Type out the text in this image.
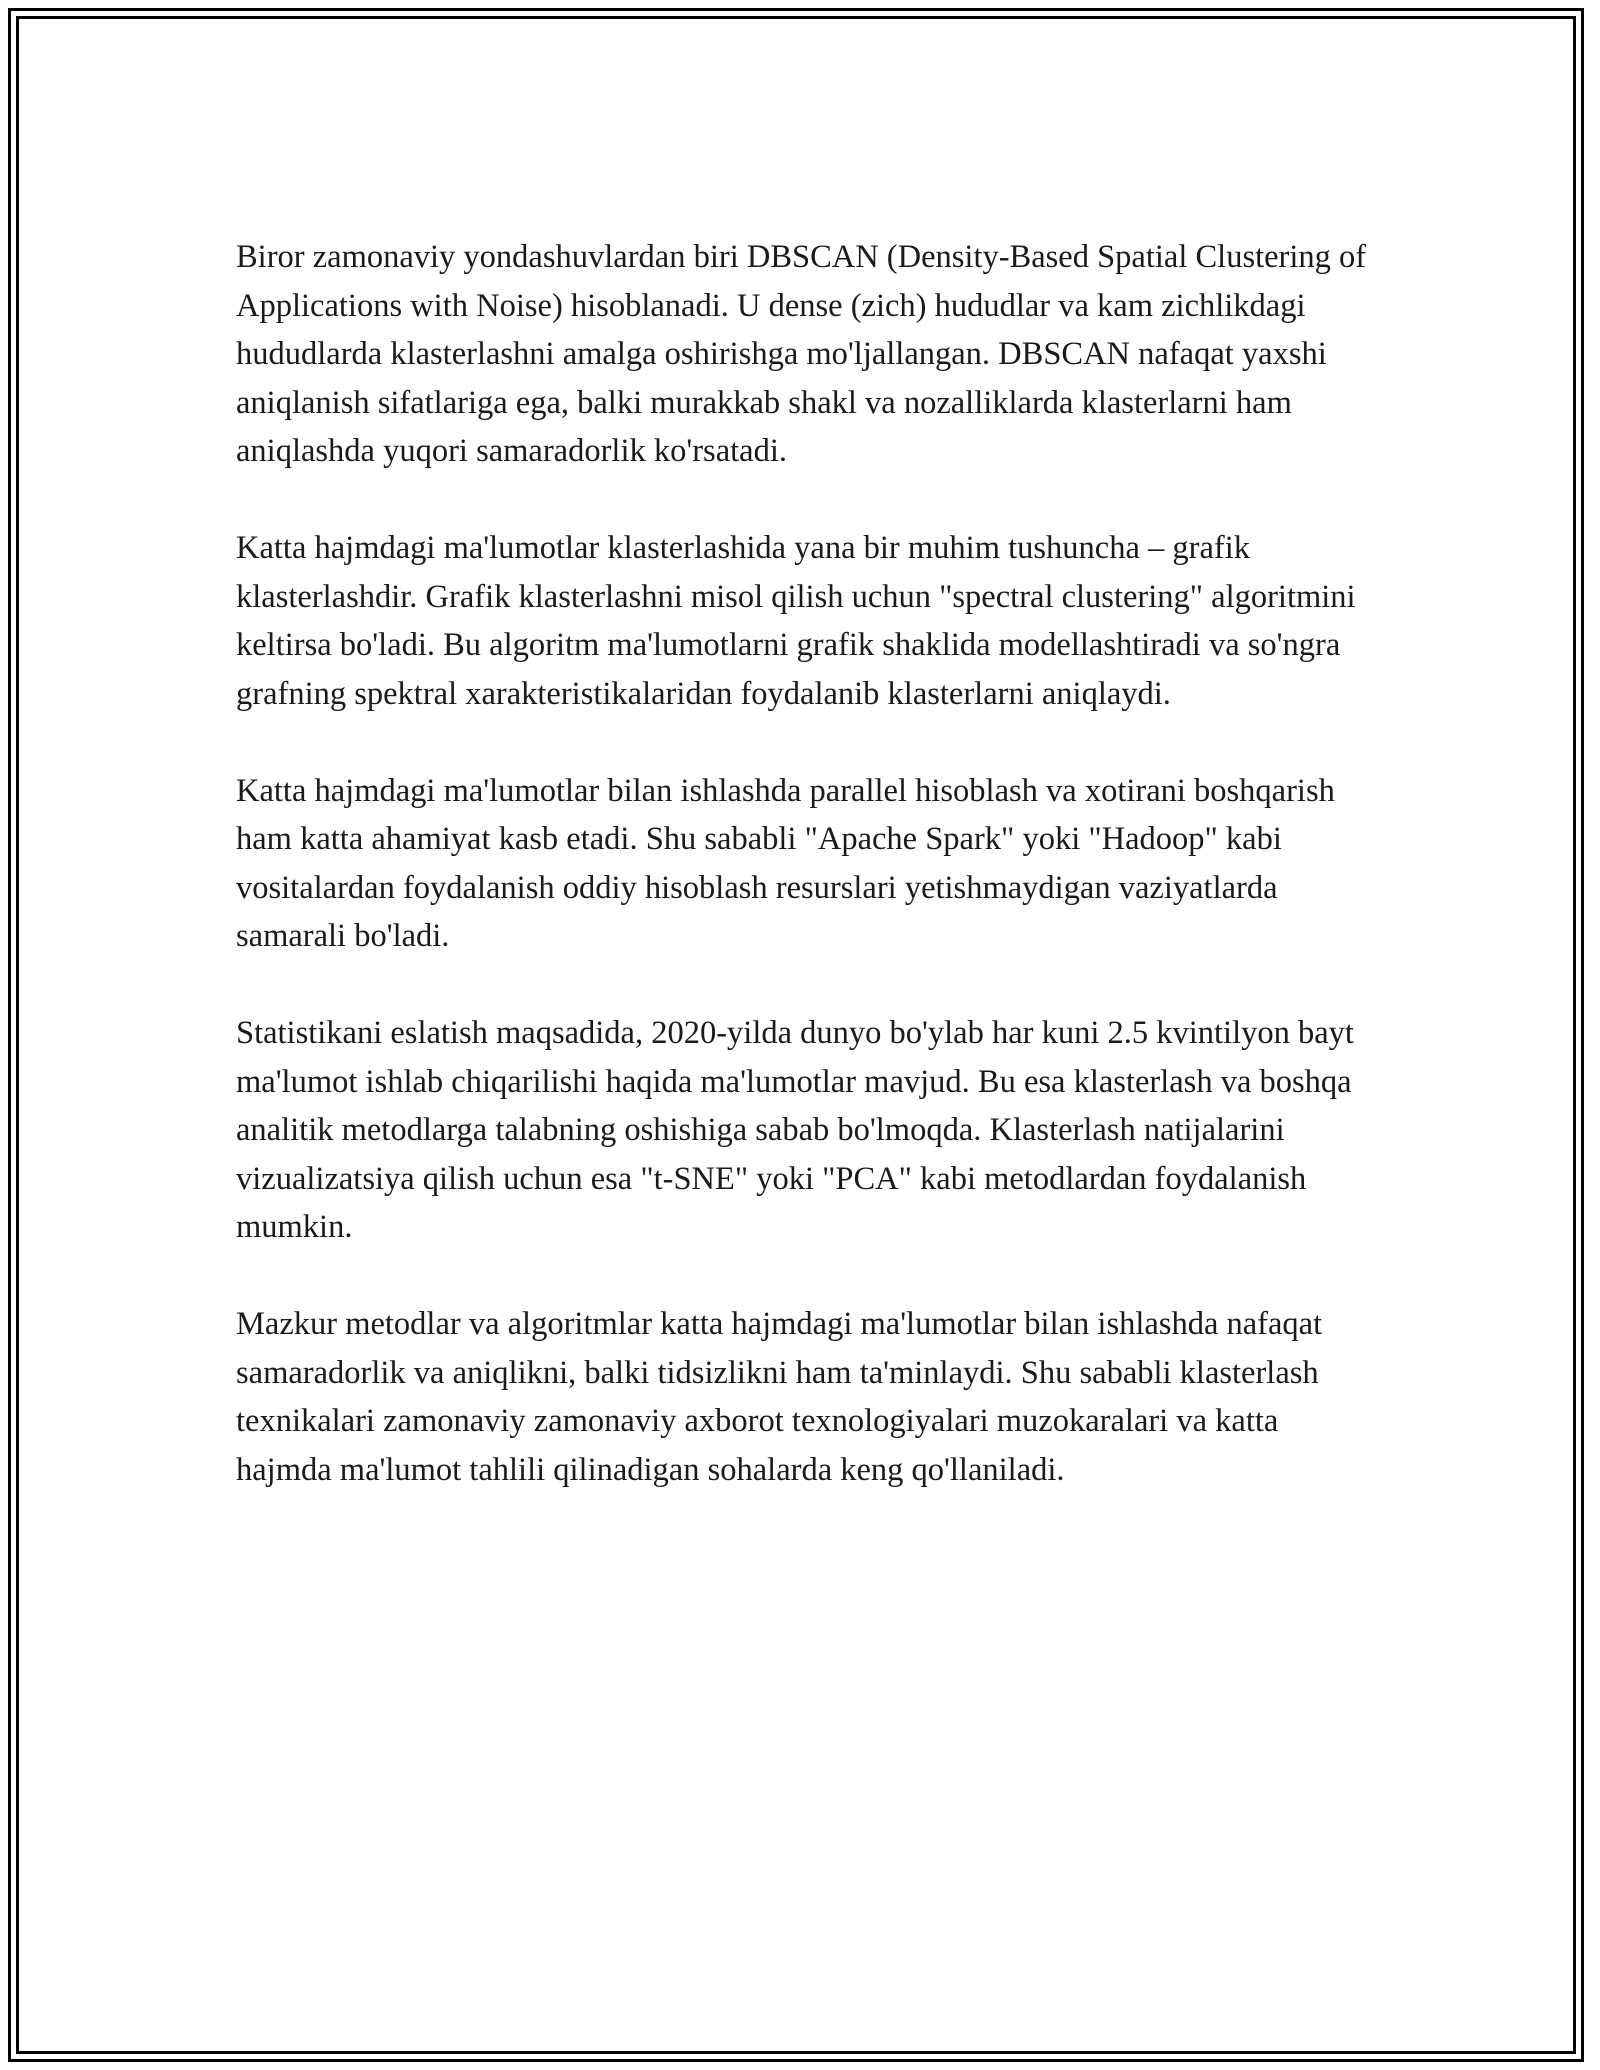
Biror zamonaviy yondashuvlardan biri DBSCAN (Density-Based Spatial Clustering of Applications with Noise) hisoblanadi. U dense (zich) hududlar va kam zichlikdagi hududlarda klasterlashni amalga oshirishga mo'ljallangan. DBSCAN nafaqat yaxshi aniqlanish sifatlariga ega, balki murakkab shakl va nozalliklarda klasterlarni ham aniqlashda yuqori samaradorlik ko'rsatadi.

Katta hajmdagi ma'lumotlar klasterlashida yana bir muhim tushuncha – grafik klasterlashdir. Grafik klasterlashni misol qilish uchun "spectral clustering" algoritmini keltirsa bo'ladi. Bu algoritm ma'lumotlarni grafik shaklida modellashtiradi va so'ngra grafning spektral xarakteristikalaridan foydalanib klasterlarni aniqlaydi.

Katta hajmdagi ma'lumotlar bilan ishlashda parallel hisoblash va xotirani boshqarish ham katta ahamiyat kasb etadi. Shu sababli "Apache Spark" yoki "Hadoop" kabi vositalardan foydalanish oddiy hisoblash resurslari yetishmaydigan vaziyatlarda samarali bo'ladi.

Statistikani eslatish maqsadida, 2020-yilda dunyo bo'ylab har kuni 2.5 kvintilyon bayt ma'lumot ishlab chiqarilishi haqida ma'lumotlar mavjud. Bu esa klasterlash va boshqa analitik metodlarga talabning oshishiga sabab bo'lmoqda. Klasterlash natijalarini vizualizatsiya qilish uchun esa "t-SNE" yoki "PCA" kabi metodlardan foydalanish mumkin.

Mazkur metodlar va algoritmlar katta hajmdagi ma'lumotlar bilan ishlashda nafaqat samaradorlik va aniqlikni, balki tidsizlikni ham ta'minlaydi. Shu sababli klasterlash texnikalari zamonaviy zamonaviy axborot texnologiyalari muzokaralari va katta hajmda ma'lumot tahlili qilinadigan sohalarda keng qo'llaniladi.
